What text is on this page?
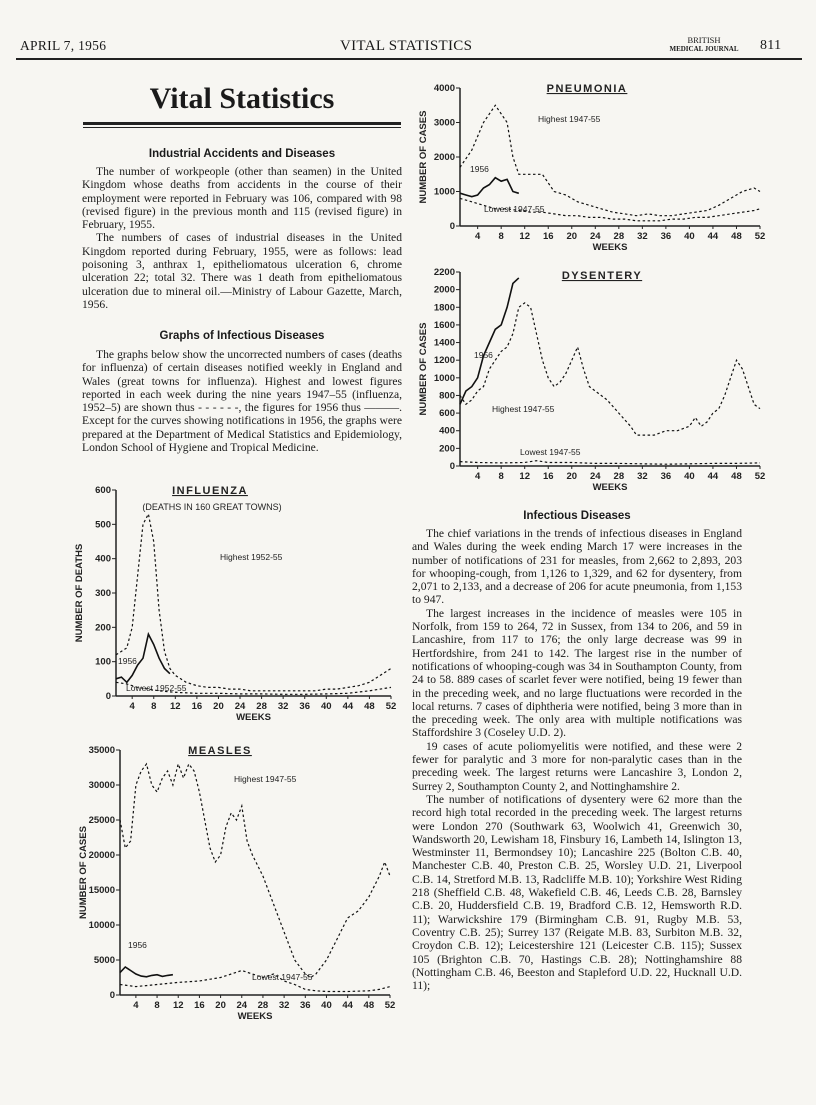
APRIL 7, 1956	VITAL STATISTICS	BRITISH
MEDICAL JOURNAL	811
Vital Statistics
Industrial Accidents and Diseases

The number of workpeople (other than seamen) in the United Kingdom whose deaths from accidents in the course of their employment were reported in February was 106, compared with 98 (revised figure) in the previous month and 115 (revised figure) in February, 1955.

The numbers of cases of industrial diseases in the United Kingdom reported during February, 1955, were as follows: lead poisoning 3, anthrax 1, epitheliomatous ulceration 6, chrome ulceration 22; total 32. There was 1 death from epitheliomatous ulceration due to mineral oil.—Ministry of Labour Gazette, March, 1956.

Graphs of Infectious Diseases

The graphs below show the uncorrected numbers of cases (deaths for influenza) of certain diseases notified weekly in England and Wales (great towns for influenza). Highest and lowest figures reported in each week during the nine years 1947–55 (influenza, 1952–5) are shown thus - - - - - -, the figures for 1956 thus ———. Except for the curves showing notifications in 1956, the graphs were prepared at the Department of Medical Statistics and Epidemiology, London School of Hygiene and Tropical Medicine.

0
1000
2000
3000
4000
4 8 12 16 20 24 28 32 36 40 44 48 52
WEEKS
NUMBER OF CASES
PNEUMONIA
Highest 1947-55
1956
Lowest 1947-55
0
200
400
600
800
1000
1200
1400
1600
1800
2000
2200
4 8 12 16 20 24 28 32 36 40 44 48 52
WEEKS
NUMBER OF CASES
DYSENTERY
1956
Highest 1947-55
Lowest 1947-55
0
100
200
300
400
500
600
4 8 12 16 20 24 28 32 36 40 44 48 52
WEEKS
NUMBER OF DEATHS
INFLUENZA
(DEATHS IN 160 GREAT TOWNS)
Highest 1952-55
1956
Lowest 1952-55
0
5000
10000
15000
20000
25000
30000
35000
4 8 12 16 20 24 28 32 36 40 44 48 52
WEEKS
NUMBER OF CASES
MEASLES
Highest 1947-55
1956
Lowest 1947-55
Infectious Diseases

The chief variations in the trends of infectious diseases in England and Wales during the week ending March 17 were increases in the number of notifications of 231 for measles, from 2,662 to 2,893, 203 for whooping-cough, from 1,126 to 1,329, and 62 for dysentery, from 2,071 to 2,133, and a decrease of 206 for acute pneumonia, from 1,153 to 947.

The largest increases in the incidence of measles were 105 in Norfolk, from 159 to 264, 72 in Sussex, from 134 to 206, and 59 in Lancashire, from 117 to 176; the only large decrease was 99 in Hertfordshire, from 241 to 142. The largest rise in the number of notifications of whooping-cough was 34 in Southampton County, from 24 to 58. 889 cases of scarlet fever were notified, being 19 fewer than in the preceding week, and no large fluctuations were recorded in the local returns. 7 cases of diphtheria were notified, being 3 more than in the preceding week. The only area with multiple notifications was Staffordshire 3 (Coseley U.D. 2).

19 cases of acute poliomyelitis were notified, and these were 2 fewer for paralytic and 3 more for non-paralytic cases than in the preceding week. The largest returns were Lancashire 3, London 2, Surrey 2, Southampton County 2, and Nottinghamshire 2.

The number of notifications of dysentery were 62 more than the record high total recorded in the preceding week. The largest returns were London 270 (Southwark 63, Woolwich 41, Greenwich 30, Wandsworth 20, Lewisham 18, Finsbury 16, Lambeth 14, Islington 13, Westminster 11, Bermondsey 10); Lancashire 225 (Bolton C.B. 40, Manchester C.B. 40, Preston C.B. 25, Worsley U.D. 21, Liverpool C.B. 14, Stretford M.B. 13, Radcliffe M.B. 10); Yorkshire West Riding 218 (Sheffield C.B. 48, Wakefield C.B. 46, Leeds C.B. 28, Barnsley C.B. 20, Huddersfield C.B. 19, Bradford C.B. 12, Hemsworth R.D. 11); Warwickshire 179 (Birmingham C.B. 91, Rugby M.B. 53, Coventry C.B. 25); Surrey 137 (Reigate M.B. 83, Surbiton M.B. 32, Croydon C.B. 12); Leicestershire 121 (Leicester C.B. 115); Sussex 105 (Brighton C.B. 70, Hastings C.B. 28); Nottinghamshire 88 (Nottingham C.B. 46, Beeston and Stapleford U.D. 22, Hucknall U.D. 11);
